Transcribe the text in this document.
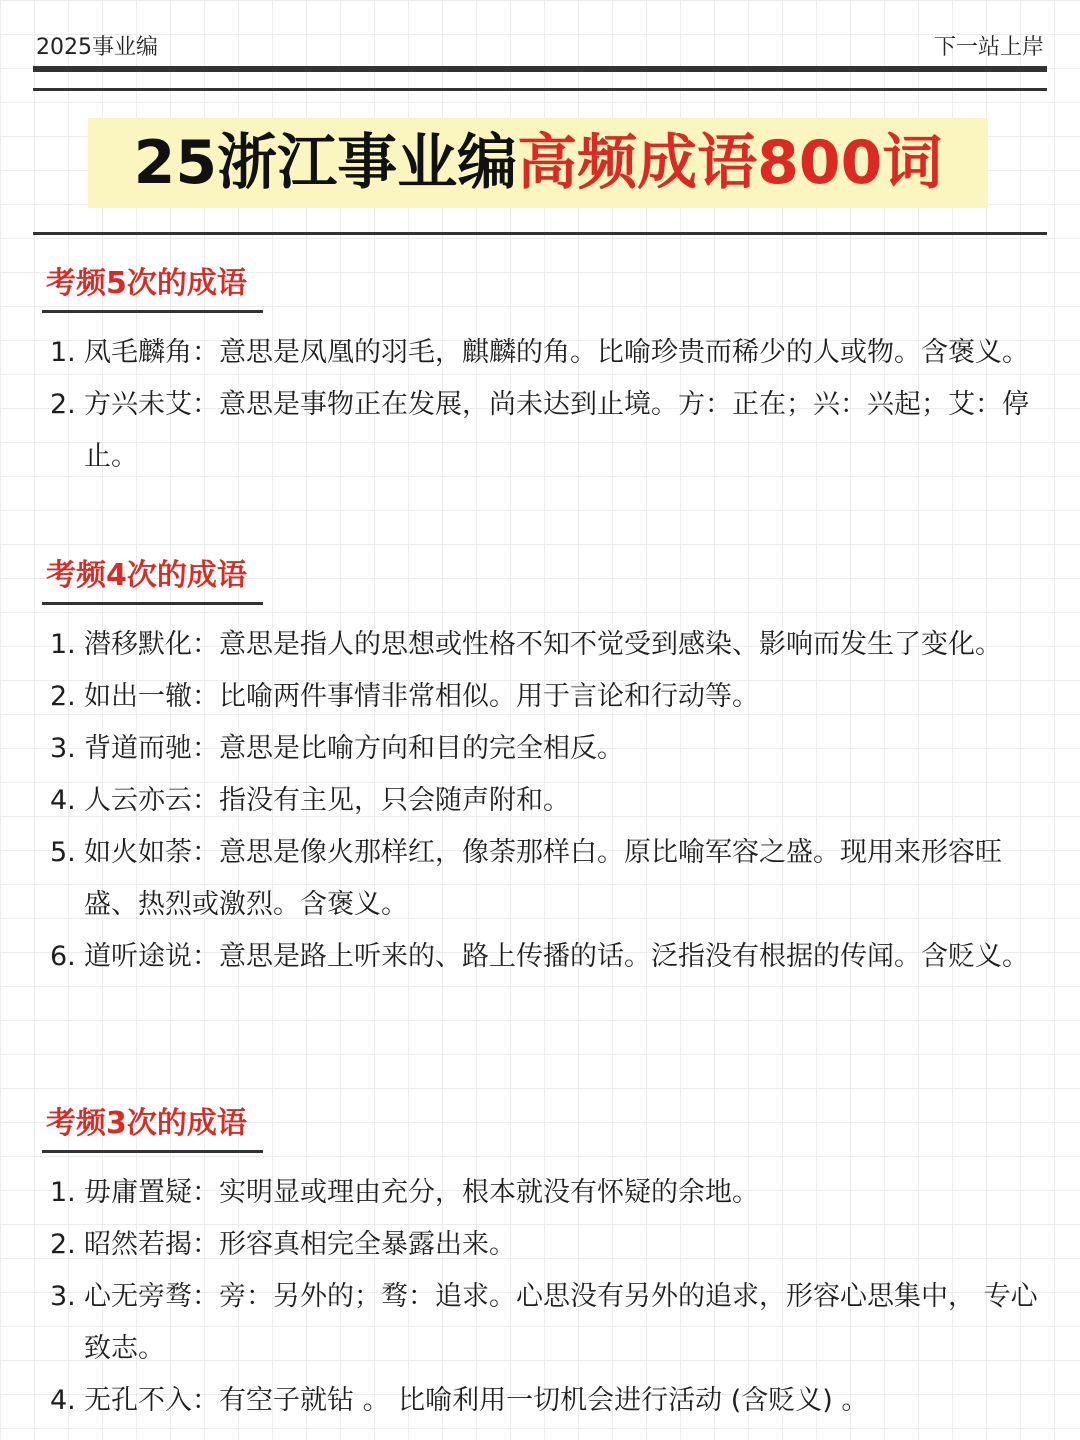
2025事业编	下一站上岸
25浙江事业编 高频成语800词
考频5次的成语
1. 凤毛麟角：意思是凤凰的羽毛，麒麟的角。比喻珍贵而稀少的人或物。含褒义。
2. 方兴未艾：意思是事物正在发展，尚未达到止境。方：正在；兴：兴起；艾：停止。
考频4次的成语
1. 潜移默化：意思是指人的思想或性格不知不觉受到感染、影响而发生了变化。
2. 如出一辙：比喻两件事情非常相似。用于言论和行动等。
3. 背道而驰：意思是比喻方向和目的完全相反。
4. 人云亦云：指没有主见，只会随声附和。
5. 如火如荼：意思是像火那样红，像荼那样白。原比喻军容之盛。现用来形容旺盛、热烈或激烈。含褒义。
6. 道听途说：意思是路上听来的、路上传播的话。泛指没有根据的传闻。含贬义。
考频3次的成语
1. 毋庸置疑：实明显或理由充分，根本就没有怀疑的余地。
2. 昭然若揭：形容真相完全暴露出来。
3. 心无旁骛：旁：另外的；骛：追求。心思没有另外的追求，形容心思集中， 专心致志。
4. 无孔不入：有空子就钻 。 比喻利用一切机会进行活动 (含贬义) 。
